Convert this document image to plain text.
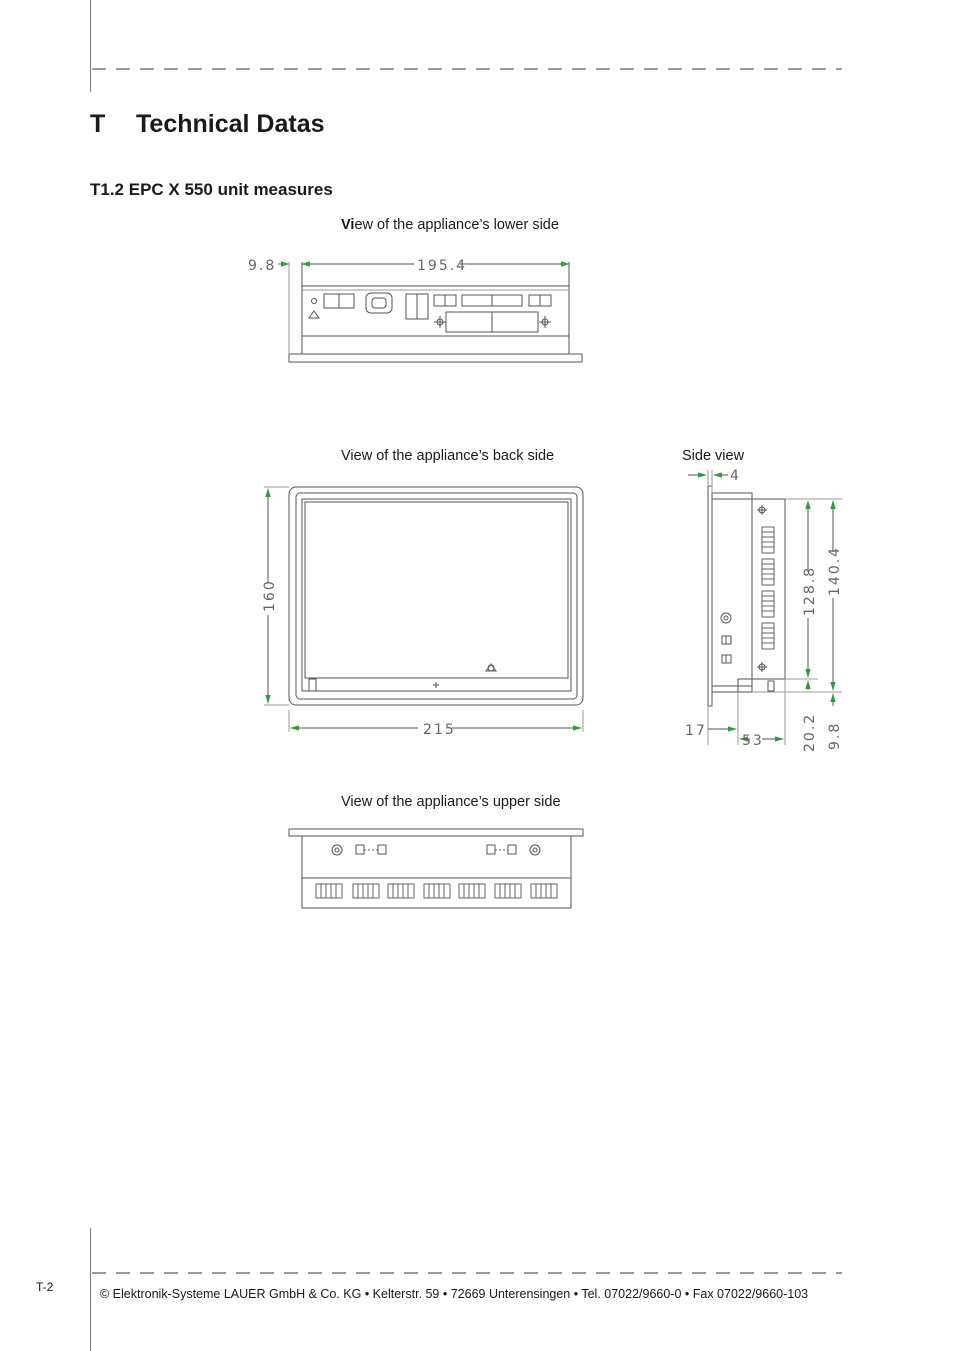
T Technical Datas
T1.2 EPC X 550 unit measures
View of the appliance’s lower side
View of the appliance’s back side	Side view
View of the appliance’s upper side
9.8	195.4
160
215
4
128.8 140.4
17
53	20.2 9.8
T-2	© Elektronik-Systeme LAUER GmbH & Co. KG • Kelterstr. 59 • 72669 Unterensingen • Tel. 07022/9660-0 • Fax 07022/9660-103
